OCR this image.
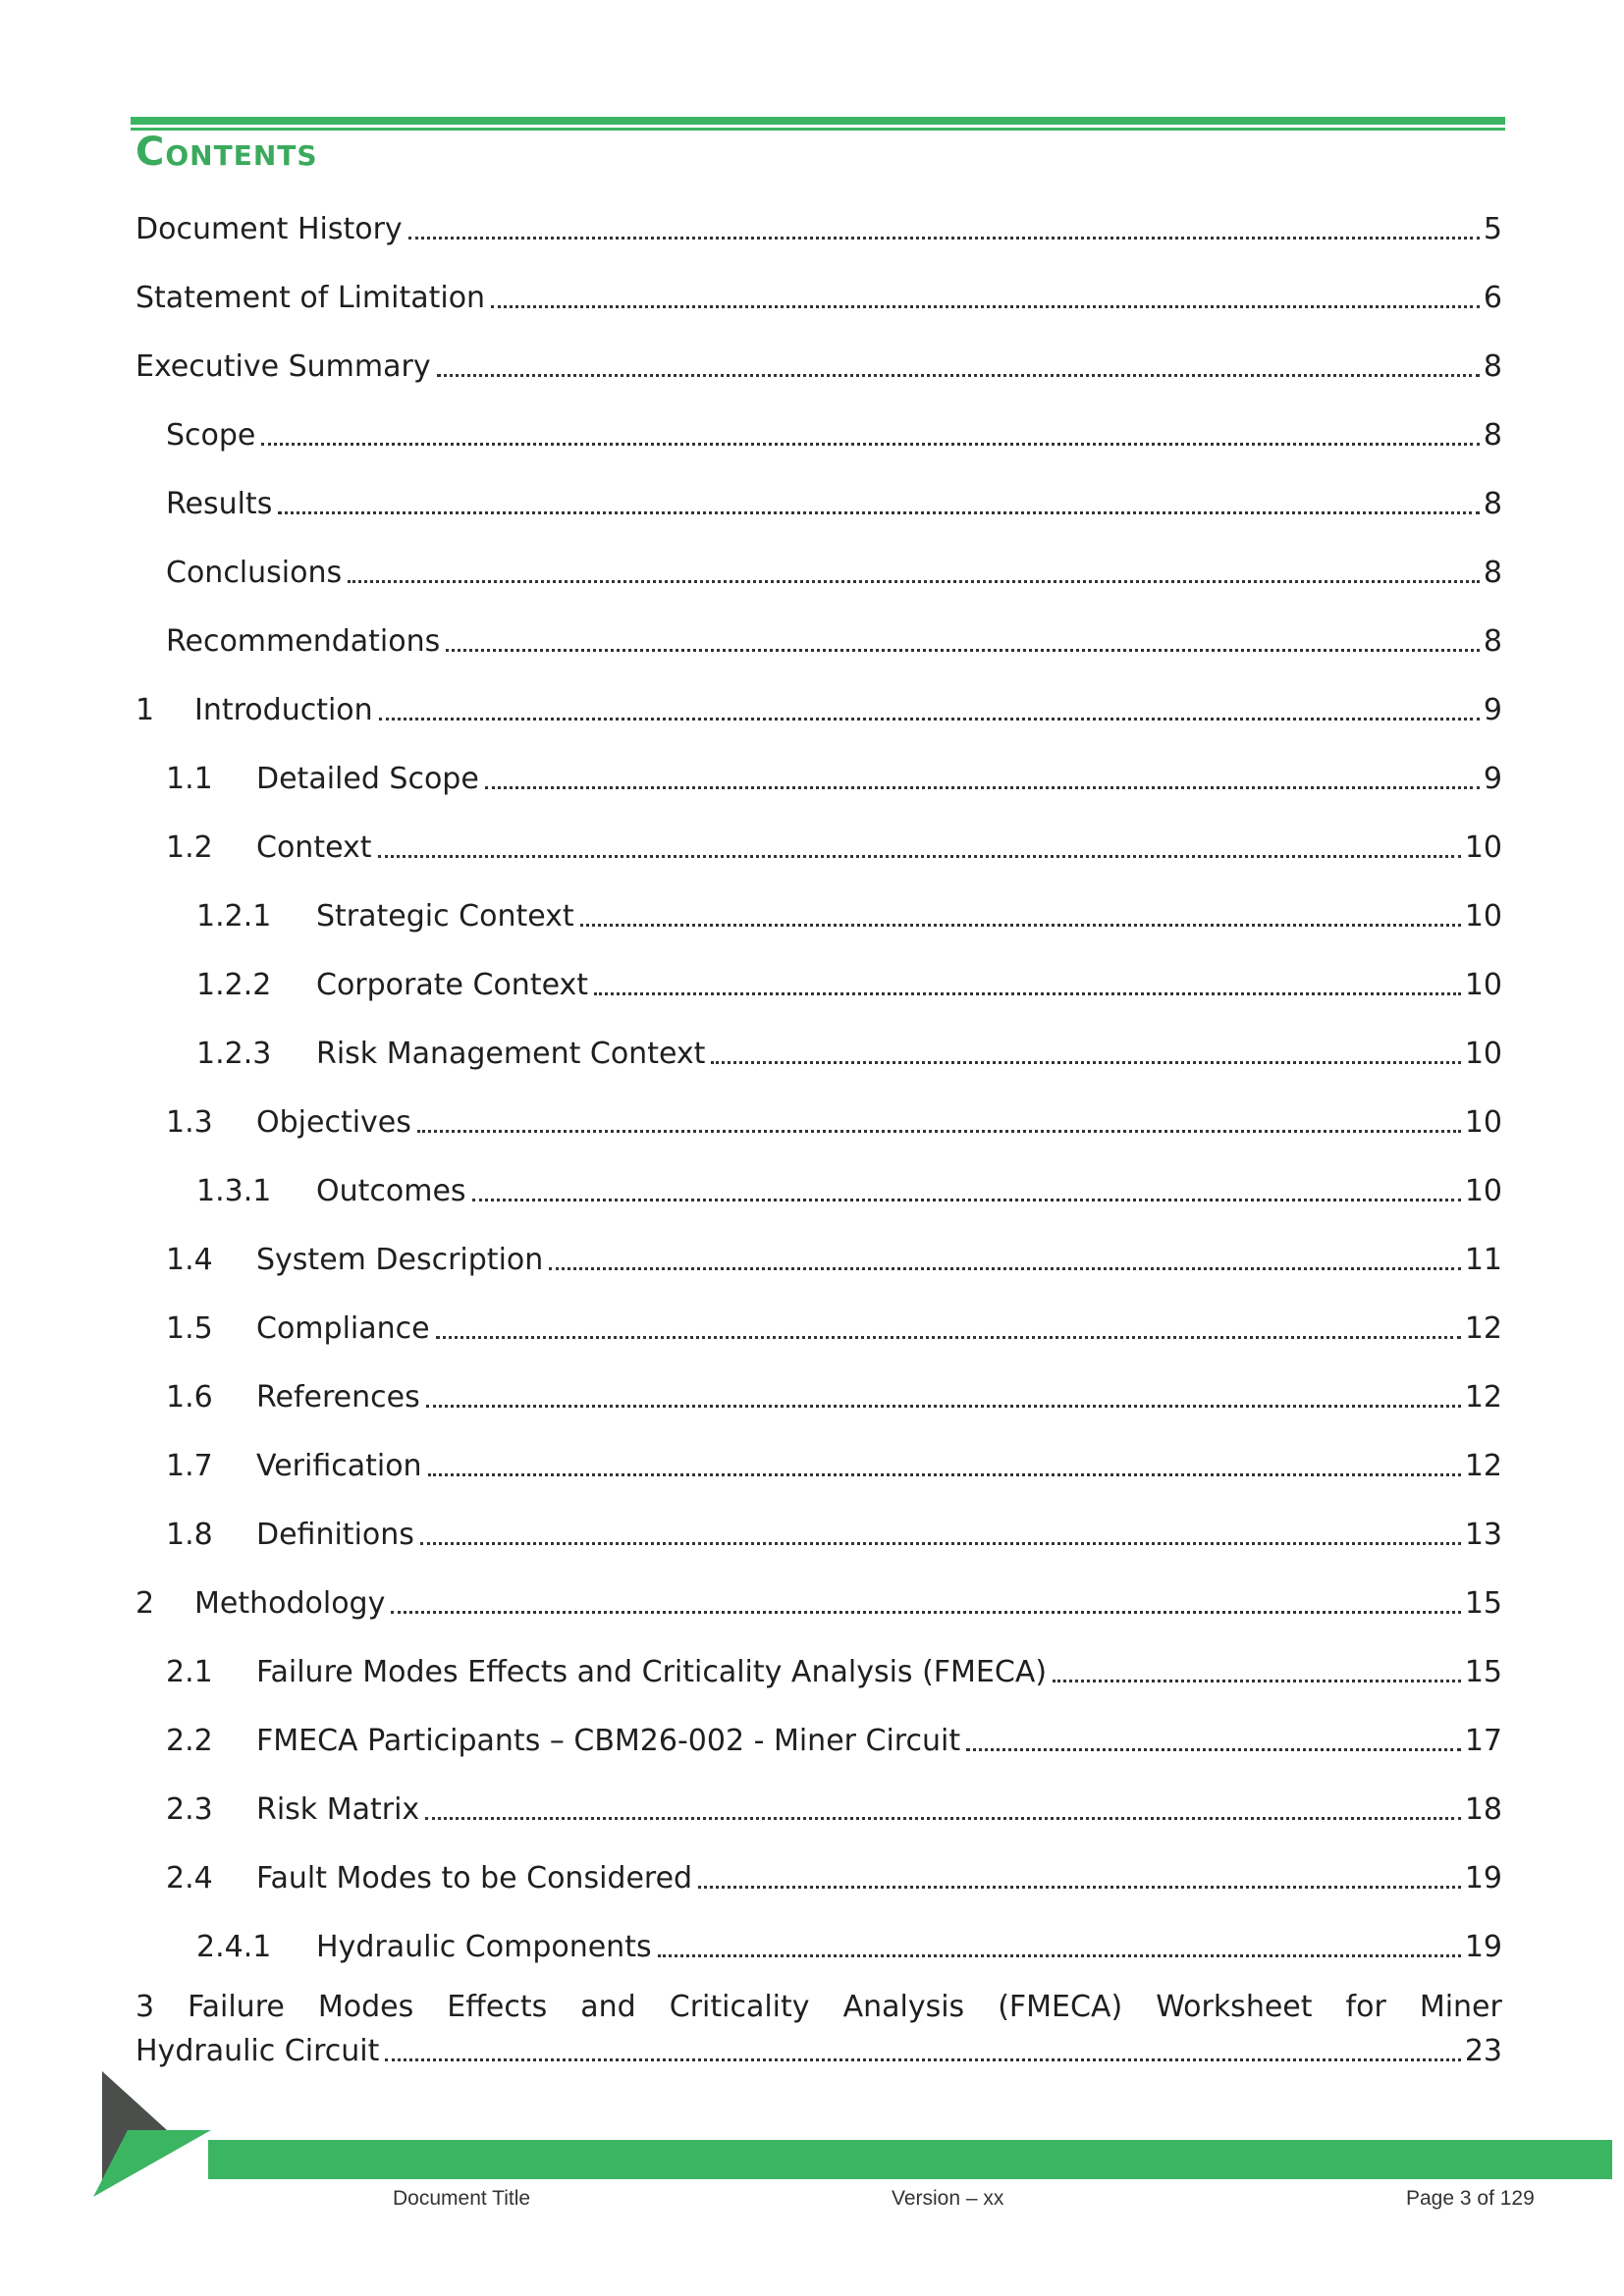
Contents
Document History	5
Statement of Limitation	6
Executive Summary	8
Scope	8
Results	8
Conclusions	8
Recommendations	8
1	Introduction	9
1.1	Detailed Scope	9
1.2	Context	10
1.2.1	Strategic Context	10
1.2.2	Corporate Context	10
1.2.3	Risk Management Context	10
1.3	Objectives	10
1.3.1	Outcomes	10
1.4	System Description	11
1.5	Compliance	12
1.6	References	12
1.7	Verification	12
1.8	Definitions	13
2	Methodology	15
2.1	Failure Modes Effects and Criticality Analysis (FMECA)	15
2.2	FMECA Participants – CBM26-002 - Miner Circuit	17
2.3	Risk Matrix	18
2.4	Fault Modes to be Considered	19
2.4.1	Hydraulic Components	19
3 Failure Modes Effects and Criticality Analysis (FMECA) Worksheet for Miner
Hydraulic Circuit	23
Document Title	Version – xx	Page 3 of 129
